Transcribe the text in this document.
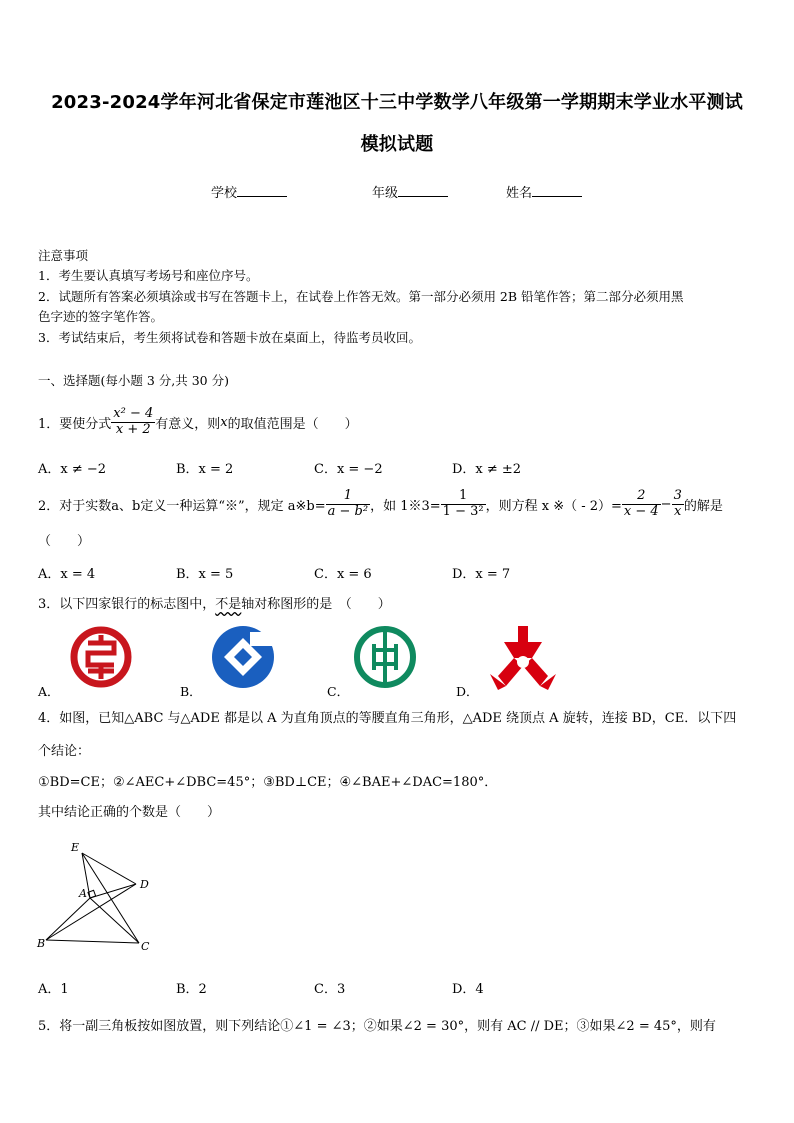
2023-2024学年河北省保定市莲池区十三中学数学八年级第一学期期末学业水平测试
模拟试题
学校	年级	姓名
注意事项
1．考生要认真填写考场号和座位序号。
2．试题所有答案必须填涂或书写在答题卡上，在试卷上作答无效。第一部分必须用 2B 铅笔作答；第二部分必须用黑
色字迹的签字笔作答。
3．考试结束后，考生须将试卷和答题卡放在桌面上，待监考员收回。
一、选择题(每小题 3 分,共 30 分)
1．要使分式 $\frac{\text{x² − 4}}{x + 2}$ 有意义，则 x 的取值范围是（　　）
A．x ≠ −2	B．x = 2	C．x = −2	D．x ≠ ±2
2．对于实数a、b定义一种运算“※”，规定 a※b= $\frac{1}{\text{a − b²}}$ ，如 1※3= $\frac{1}{\text{1 − 3²}}$ ，则方程 x ※（ - $2)= \frac{2}{x - 4} - \frac{3}{x}$ 的解是
（　　）
A．x = 4	B．x = 5	C．x = 6	D．x = 7
3．以下四家银行的标志图中，不是轴对称图形的是　（　　）
A．	B．	C．	D．
4．如图，已知△ABC 与△ADE 都是以 A 为直角顶点的等腰直角三角形，△ADE 绕顶点 A 旋转，连接 BD，CE．以下四
个结论：
①BD=CE；②∠AEC+∠DBC=45°；③BD⊥CE；④∠BAE+∠DAC=180°．
其中结论正确的个数是（　　）
E
A
D
B	C
A．1	B．2	C．3	D．4
5．将一副三角板按如图放置，则下列结论①∠1 = ∠3；②如果∠2 = 30°，则有 AC // DE；③如果∠2 = 45°，则有
